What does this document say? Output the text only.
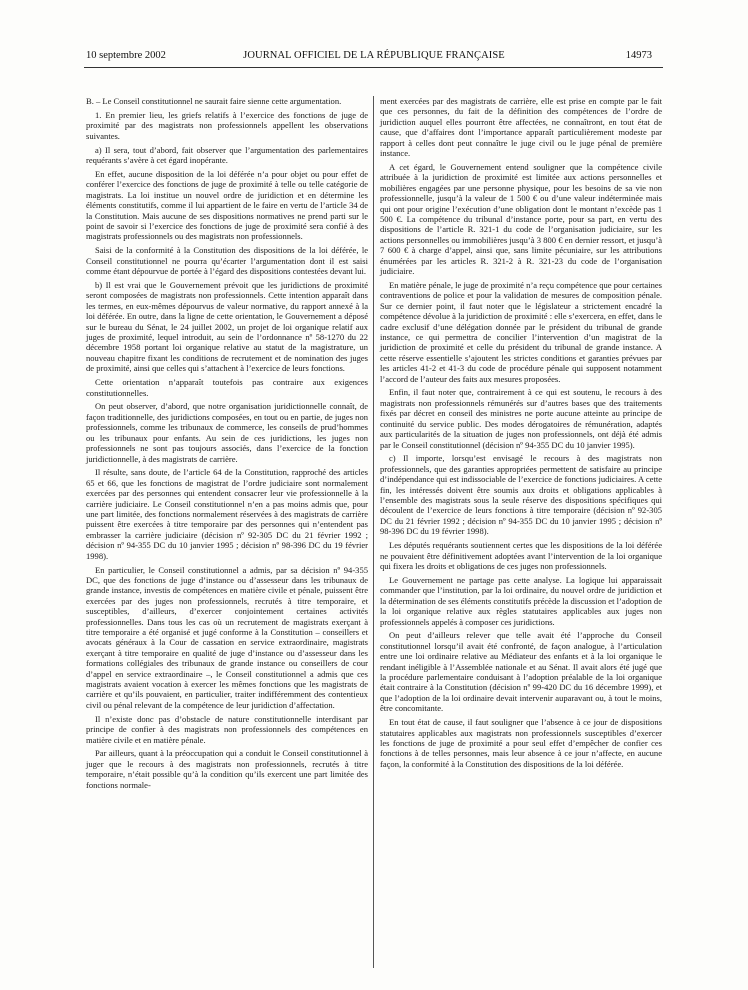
10 septembre 2002	JOURNAL OFFICIEL DE LA RÉPUBLIQUE FRANÇAISE	14973

B. – Le Conseil constitutionnel ne saurait faire sienne cette argumentation.

1. En premier lieu, les griefs relatifs à l’exercice des fonctions de juge de proximité par des magistrats non professionnels appellent les observations suivantes.

a) Il sera, tout d’abord, fait observer que l’argumentation des parlementaires requérants s’avère à cet égard inopérante.

En effet, aucune disposition de la loi déférée n’a pour objet ou pour effet de conférer l’exercice des fonctions de juge de proximité à telle ou telle catégorie de magistrats. La loi institue un nouvel ordre de juridiction et en détermine les éléments constitutifs, comme il lui appartient de le faire en vertu de l’article 34 de la Constitution. Mais aucune de ses dispositions normatives ne prend parti sur le point de savoir si l’exercice des fonctions de juge de proximité sera confié à des magistrats professionnels ou des magistrats non professionnels.

Saisi de la conformité à la Constitution des dispositions de la loi déférée, le Conseil constitutionnel ne pourra qu’écarter l’argumentation dont il est saisi comme étant dépourvue de portée à l’égard des dispositions contestées devant lui.

b) Il est vrai que le Gouvernement prévoit que les juridictions de proximité seront composées de magistrats non professionnels. Cette intention apparaît dans les termes, en eux-mêmes dépourvus de valeur normative, du rapport annexé à la loi déférée. En outre, dans la ligne de cette orientation, le Gouvernement a déposé sur le bureau du Sénat, le 24 juillet 2002, un projet de loi organique relatif aux juges de proximité, lequel introduit, au sein de l’ordonnance nº 58-1270 du 22 décembre 1958 portant loi organique relative au statut de la magistrature, un nouveau chapitre fixant les conditions de recrutement et de nomination des juges de proximité, ainsi que celles qui s’attachent à l’exercice de leurs fonctions.

Cette orientation n’apparaît toutefois pas contraire aux exigences constitutionnelles.

On peut observer, d’abord, que notre organisation juridictionnelle connaît, de façon traditionnelle, des juridictions composées, en tout ou en partie, de juges non professionnels, comme les tribunaux de commerce, les conseils de prud’hommes ou les tribunaux pour enfants. Au sein de ces juridictions, les juges non professionnels ne sont pas toujours associés, dans l’exercice de la fonction juridictionnelle, à des magistrats de carrière.

Il résulte, sans doute, de l’article 64 de la Constitution, rapproché des articles 65 et 66, que les fonctions de magistrat de l’ordre judiciaire sont normalement exercées par des personnes qui entendent consacrer leur vie professionnelle à la carrière judiciaire. Le Conseil constitutionnel n’en a pas moins admis que, pour une part limitée, des fonctions normalement réservées à des magistrats de carrière puissent être exercées à titre temporaire par des personnes qui n’entendent pas embrasser la carrière judiciaire (décision nº 92-305 DC du 21 février 1992 ; décision nº 94-355 DC du 10 janvier 1995 ; décision nº 98-396 DC du 19 février 1998).

En particulier, le Conseil constitutionnel a admis, par sa décision nº 94-355 DC, que des fonctions de juge d’instance ou d’assesseur dans les tribunaux de grande instance, investis de compétences en matière civile et pénale, puissent être exercées par des juges non professionnels, recrutés à titre temporaire, et susceptibles, d’ailleurs, d’exercer conjointement certaines activités professionnelles. Dans tous les cas où un recrutement de magistrats exerçant à titre temporaire a été organisé et jugé conforme à la Constitution – conseillers et avocats généraux à la Cour de cassation en service extraordinaire, magistrats exerçant à titre temporaire en qualité de juge d’instance ou d’assesseur dans les formations collégiales des tribunaux de grande instance ou conseillers de cour d’appel en service extraordinaire –, le Conseil constitutionnel a admis que ces magistrats avaient vocation à exercer les mêmes fonctions que les magistrats de carrière et qu’ils pouvaient, en particulier, traiter indifféremment des contentieux civil ou pénal relevant de la compétence de leur juridiction d’affectation.

Il n’existe donc pas d’obstacle de nature constitutionnelle interdisant par principe de confier à des magistrats non professionnels des compétences en matière civile et en matière pénale.

Par ailleurs, quant à la préoccupation qui a conduit le Conseil constitutionnel à juger que le recours à des magistrats non professionnels, recrutés à titre temporaire, n’était possible qu’à la condition qu’ils exercent une part limitée des fonctions normale-

ment exercées par des magistrats de carrière, elle est prise en compte par le fait que ces personnes, du fait de la définition des compétences de l’ordre de juridiction auquel elles pourront être affectées, ne connaîtront, en tout état de cause, que d’affaires dont l’importance apparaît particulièrement modeste par rapport à celles dont peut connaître le juge civil ou le juge pénal de première instance.

A cet égard, le Gouvernement entend souligner que la compétence civile attribuée à la juridiction de proximité est limitée aux actions personnelles et mobilières engagées par une personne physique, pour les besoins de sa vie non professionnelle, jusqu’à la valeur de 1 500 € ou d’une valeur indéterminée mais qui ont pour origine l’exécution d’une obligation dont le montant n’excède pas 1 500 €. La compétence du tribunal d’instance porte, pour sa part, en vertu des dispositions de l’article R. 321-1 du code de l’organisation judiciaire, sur les actions personnelles ou immobilières jusqu’à 3 800 € en dernier ressort, et jusqu’à 7 600 € à charge d’appel, ainsi que, sans limite pécuniaire, sur les attributions énumérées par les articles R. 321-2 à R. 321-23 du code de l’organisation judiciaire.

En matière pénale, le juge de proximité n’a reçu compétence que pour certaines contraventions de police et pour la validation de mesures de composition pénale. Sur ce dernier point, il faut noter que le législateur a strictement encadré la compétence dévolue à la juridiction de proximité : elle s’exercera, en effet, dans le cadre exclusif d’une délégation donnée par le président du tribunal de grande instance, ce qui permettra de concilier l’intervention d’un magistrat de la juridiction de proximité et celle du président du tribunal de grande instance. A cette réserve essentielle s’ajoutent les strictes conditions et garanties prévues par les articles 41-2 et 41-3 du code de procédure pénale qui supposent notamment l’accord de l’auteur des faits aux mesures proposées.

Enfin, il faut noter que, contrairement à ce qui est soutenu, le recours à des magistrats non professionnels rémunérés sur d’autres bases que des traitements fixés par décret en conseil des ministres ne porte aucune atteinte au principe de continuité du service public. Des modes dérogatoires de rémunération, adaptés aux particularités de la situation de juges non professionnels, ont déjà été admis par le Conseil constitutionnel (décision nº 94-355 DC du 10 janvier 1995).

c) Il importe, lorsqu’est envisagé le recours à des magistrats non professionnels, que des garanties appropriées permettent de satisfaire au principe d’indépendance qui est indissociable de l’exercice de fonctions judiciaires. A cette fin, les intéressés doivent être soumis aux droits et obligations applicables à l’ensemble des magistrats sous la seule réserve des dispositions spécifiques qui découlent de l’exercice de leurs fonctions à titre temporaire (décision nº 92-305 DC du 21 février 1992 ; décision nº 94-355 DC du 10 janvier 1995 ; décision nº 98-396 DC du 19 février 1998).

Les députés requérants soutiennent certes que les dispositions de la loi déférée ne pouvaient être définitivement adoptées avant l’intervention de la loi organique qui fixera les droits et obligations de ces juges non professionnels.

Le Gouvernement ne partage pas cette analyse. La logique lui apparaissait commander que l’institution, par la loi ordinaire, du nouvel ordre de juridiction et la détermination de ses éléments constitutifs précède la discussion et l’adoption de la loi organique relative aux règles statutaires applicables aux juges non professionnels appelés à composer ces juridictions.

On peut d’ailleurs relever que telle avait été l’approche du Conseil constitutionnel lorsqu’il avait été confronté, de façon analogue, à l’articulation entre une loi ordinaire relative au Médiateur des enfants et à la loi organique le rendant inéligible à l’Assemblée nationale et au Sénat. Il avait alors été jugé que la procédure parlementaire conduisant à l’adoption préalable de la loi organique était contraire à la Constitution (décision nº 99-420 DC du 16 décembre 1999), et que l’adoption de la loi ordinaire devait intervenir auparavant ou, à tout le moins, être concomitante.

En tout état de cause, il faut souligner que l’absence à ce jour de dispositions statutaires applicables aux magistrats non professionnels susceptibles d’exercer les fonctions de juge de proximité a pour seul effet d’empêcher de confier ces fonctions à de telles personnes, mais leur absence à ce jour n’affecte, en aucune façon, la conformité à la Constitution des dispositions de la loi déférée.
